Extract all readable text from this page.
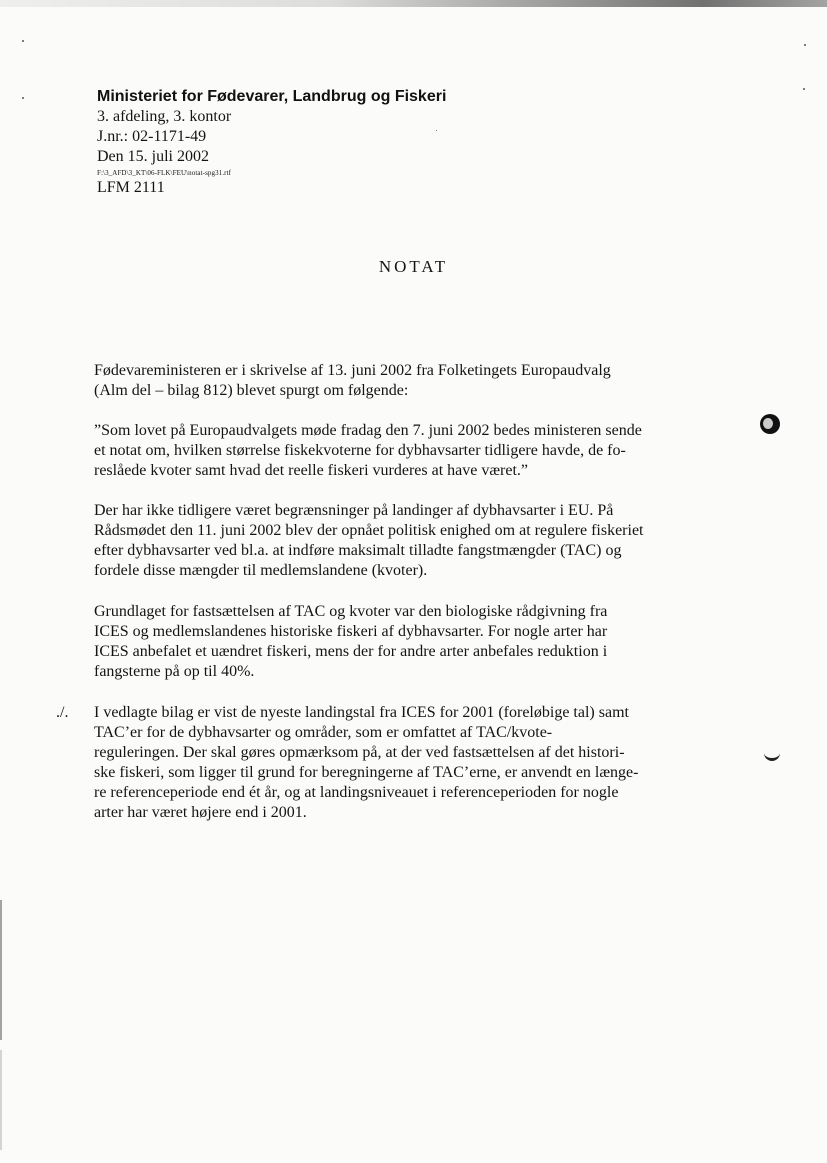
Ministeriet for Fødevarer, Landbrug og Fiskeri
3. afdeling, 3. kontor
J.nr.: 02-1171-49
Den 15. juli 2002
F:\3_AFD\3_KT\06-FLK\FEU\notat-spg31.rtf
LFM 2111
NOTAT
Fødevareministeren er i skrivelse af 13. juni 2002 fra Folketingets Europaudvalg
(Alm del – bilag 812) blevet spurgt om følgende:
”Som lovet på Europaudvalgets møde fradag den 7. juni 2002 bedes ministeren sende
et notat om, hvilken størrelse fiskekvoterne for dybhavsarter tidligere havde, de fo-
reslåede kvoter samt hvad det reelle fiskeri vurderes at have været.”
Der har ikke tidligere været begrænsninger på landinger af dybhavsarter i EU. På
Rådsmødet den 11. juni 2002 blev der opnået politisk enighed om at regulere fiskeriet
efter dybhavsarter ved bl.a. at indføre maksimalt tilladte fangstmængder (TAC) og
fordele disse mængder til medlemslandene (kvoter).
Grundlaget for fastsættelsen af TAC og kvoter var den biologiske rådgivning fra
ICES og medlemslandenes historiske fiskeri af dybhavsarter. For nogle arter har
ICES anbefalet et uændret fiskeri, mens der for andre arter anbefales reduktion i
fangsterne på op til 40%.
./. I vedlagte bilag er vist de nyeste landingstal fra ICES for 2001 (foreløbige tal) samt
TAC’er for de dybhavsarter og områder, som er omfattet af TAC/kvote-
reguleringen. Der skal gøres opmærksom på, at der ved fastsættelsen af det histori-
ske fiskeri, som ligger til grund for beregningerne af TAC’erne, er anvendt en længe-
re referenceperiode end ét år, og at landingsniveauet i referenceperioden for nogle
arter har været højere end i 2001.
